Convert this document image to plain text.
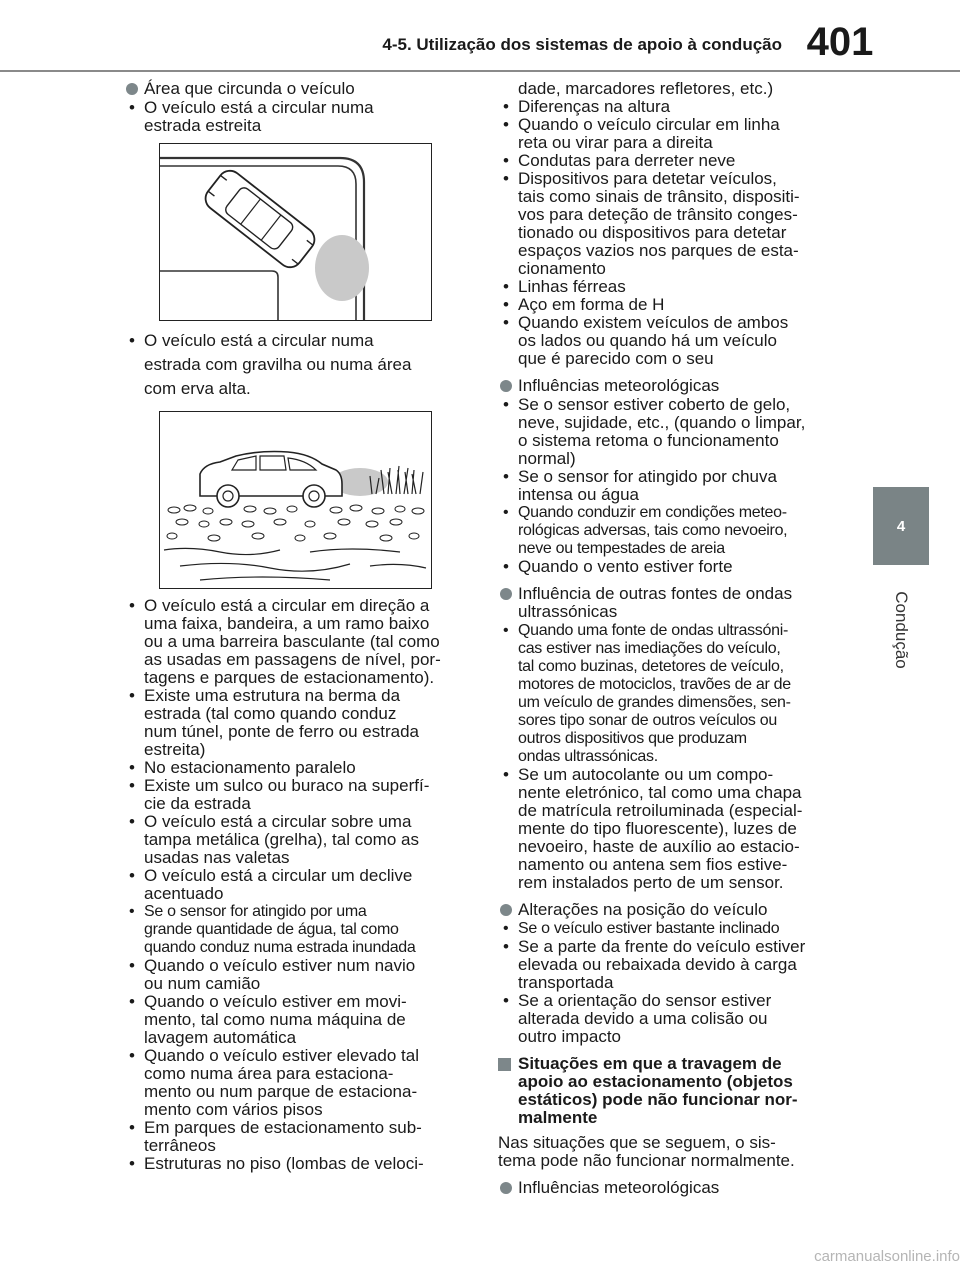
4-5. Utilização dos sistemas de apoio à condução 401
4
Condução
Área que circunda o veículo
• O veículo está a circular numa
estrada estreita
• O veículo está a circular numa
estrada com gravilha ou numa área
com erva alta.
• O veículo está a circular em direção a
uma faixa, bandeira, a um ramo baixo
ou a uma barreira basculante (tal como
as usadas em passagens de nível, por-
tagens e parques de estacionamento).
• Existe uma estrutura na berma da
estrada (tal como quando conduz
num túnel, ponte de ferro ou estrada
estreita)
• No estacionamento paralelo
• Existe um sulco ou buraco na superfí-
cie da estrada
• O veículo está a circular sobre uma
tampa metálica (grelha), tal como as
usadas nas valetas
• O veículo está a circular um declive
acentuado
• Se o sensor for atingido por uma
grande quantidade de água, tal como
quando conduz numa estrada inundada
• Quando o veículo estiver num navio
ou num camião
• Quando o veículo estiver em movi-
mento, tal como numa máquina de
lavagem automática
• Quando o veículo estiver elevado tal
como numa área para estaciona-
mento ou num parque de estaciona-
mento com vários pisos
• Em parques de estacionamento sub-
terrâneos
• Estruturas no piso (lombas de veloci-
dade, marcadores refletores, etc.)
• Diferenças na altura
• Quando o veículo circular em linha
reta ou virar para a direita
• Condutas para derreter neve
• Dispositivos para detetar veículos,
tais como sinais de trânsito, dispositi-
vos para deteção de trânsito conges-
tionado ou dispositivos para detetar
espaços vazios nos parques de esta-
cionamento
• Linhas férreas
• Aço em forma de H
• Quando existem veículos de ambos
os lados ou quando há um veículo
que é parecido com o seu
Influências meteorológicas
• Se o sensor estiver coberto de gelo,
neve, sujidade, etc., (quando o limpar,
o sistema retoma o funcionamento
normal)
• Se o sensor for atingido por chuva
intensa ou água
• Quando conduzir em condições meteo-
rológicas adversas, tais como nevoeiro,
neve ou tempestades de areia
• Quando o vento estiver forte
Influência de outras fontes de ondas
ultrassónicas
• Quando uma fonte de ondas ultrassóni-
cas estiver nas imediações do veículo,
tal como buzinas, detetores de veículo,
motores de motociclos, travões de ar de
um veículo de grandes dimensões, sen-
sores tipo sonar de outros veículos ou
outros dispositivos que produzam
ondas ultrassónicas.
• Se um autocolante ou um compo-
nente eletrónico, tal como uma chapa
de matrícula retroiluminada (especial-
mente do tipo fluorescente), luzes de
nevoeiro, haste de auxílio ao estacio-
namento ou antena sem fios estive-
rem instalados perto de um sensor.
Alterações na posição do veículo
• Se o veículo estiver bastante inclinado
• Se a parte da frente do veículo estiver
elevada ou rebaixada devido à carga
transportada
• Se a orientação do sensor estiver
alterada devido a uma colisão ou
outro impacto
Situações em que a travagem de
apoio ao estacionamento (objetos
estáticos) pode não funcionar nor-
malmente
Nas situações que se seguem, o sis-
tema pode não funcionar normalmente.
Influências meteorológicas
carmanualsonline.info
